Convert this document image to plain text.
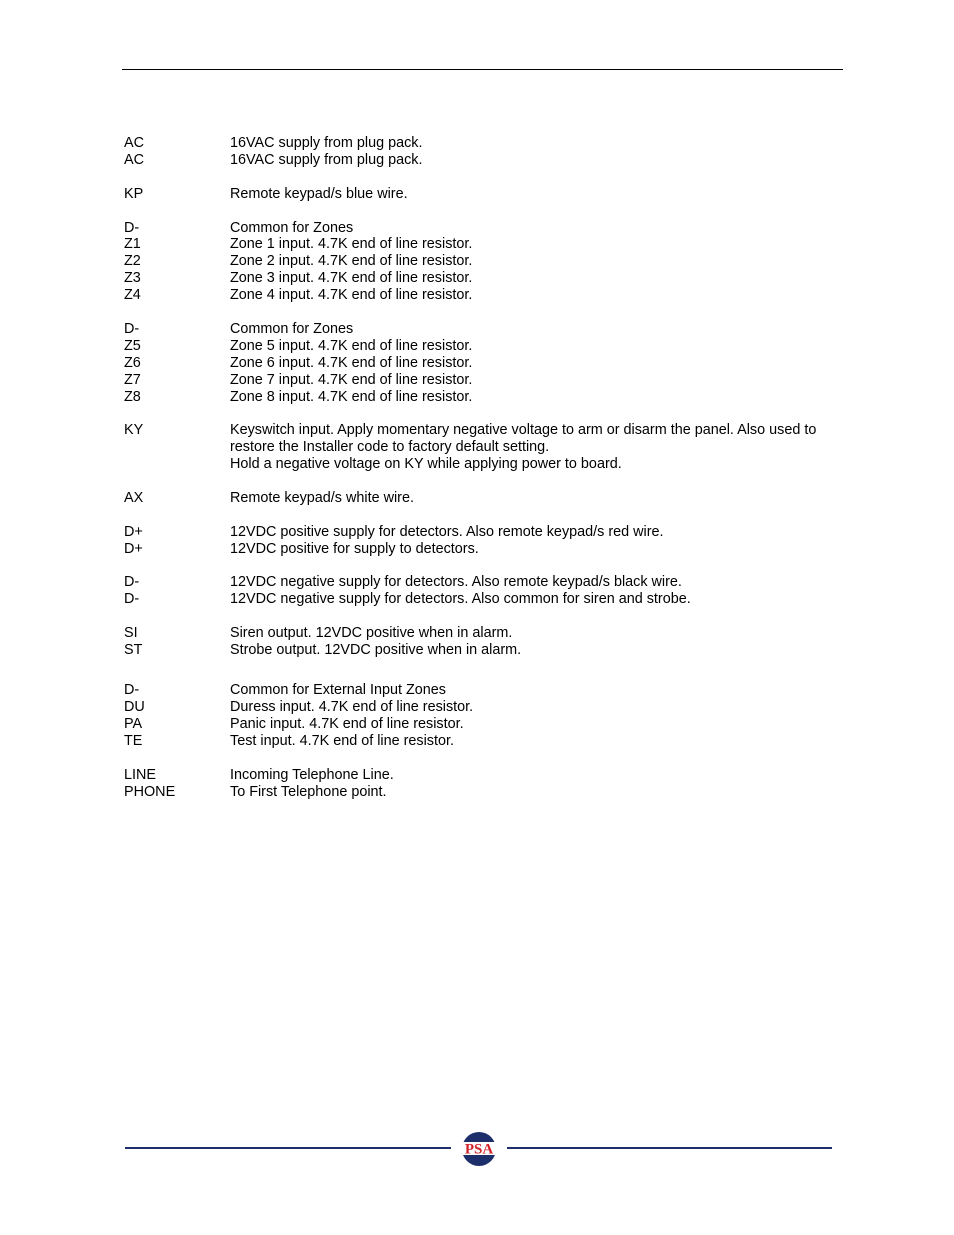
AC	16VAC supply from plug pack.
AC	16VAC supply from plug pack.
KP	Remote keypad/s blue wire.
D-	Common for Zones
Z1	Zone 1 input. 4.7K end of line resistor.
Z2	Zone 2 input. 4.7K end of line resistor.
Z3	Zone 3 input. 4.7K end of line resistor.
Z4	Zone 4 input. 4.7K end of line resistor.
D-	Common for Zones
Z5	Zone 5 input. 4.7K end of line resistor.
Z6	Zone 6 input. 4.7K end of line resistor.
Z7	Zone 7 input. 4.7K end of line resistor.
Z8	Zone 8 input. 4.7K end of line resistor.
KY	Keyswitch input. Apply momentary negative voltage to arm or disarm the panel. Also used to restore the Installer code to factory default setting.
Hold a negative voltage on KY while applying power to board.
AX	Remote keypad/s white wire.
D+	12VDC positive supply for detectors. Also remote keypad/s red wire.
D+	12VDC positive for supply to detectors.
D-	12VDC negative supply for detectors. Also remote keypad/s black wire.
D-	12VDC negative supply for detectors. Also common for siren and strobe.
SI	Siren output. 12VDC positive when in alarm.
ST	Strobe output. 12VDC positive when in alarm.
D-	Common for External Input Zones
DU	Duress input. 4.7K end of line resistor.
PA	Panic input. 4.7K end of line resistor.
TE	Test input. 4.7K end of line resistor.
LINE	Incoming Telephone Line.
PHONE	To First Telephone point.
PSA
